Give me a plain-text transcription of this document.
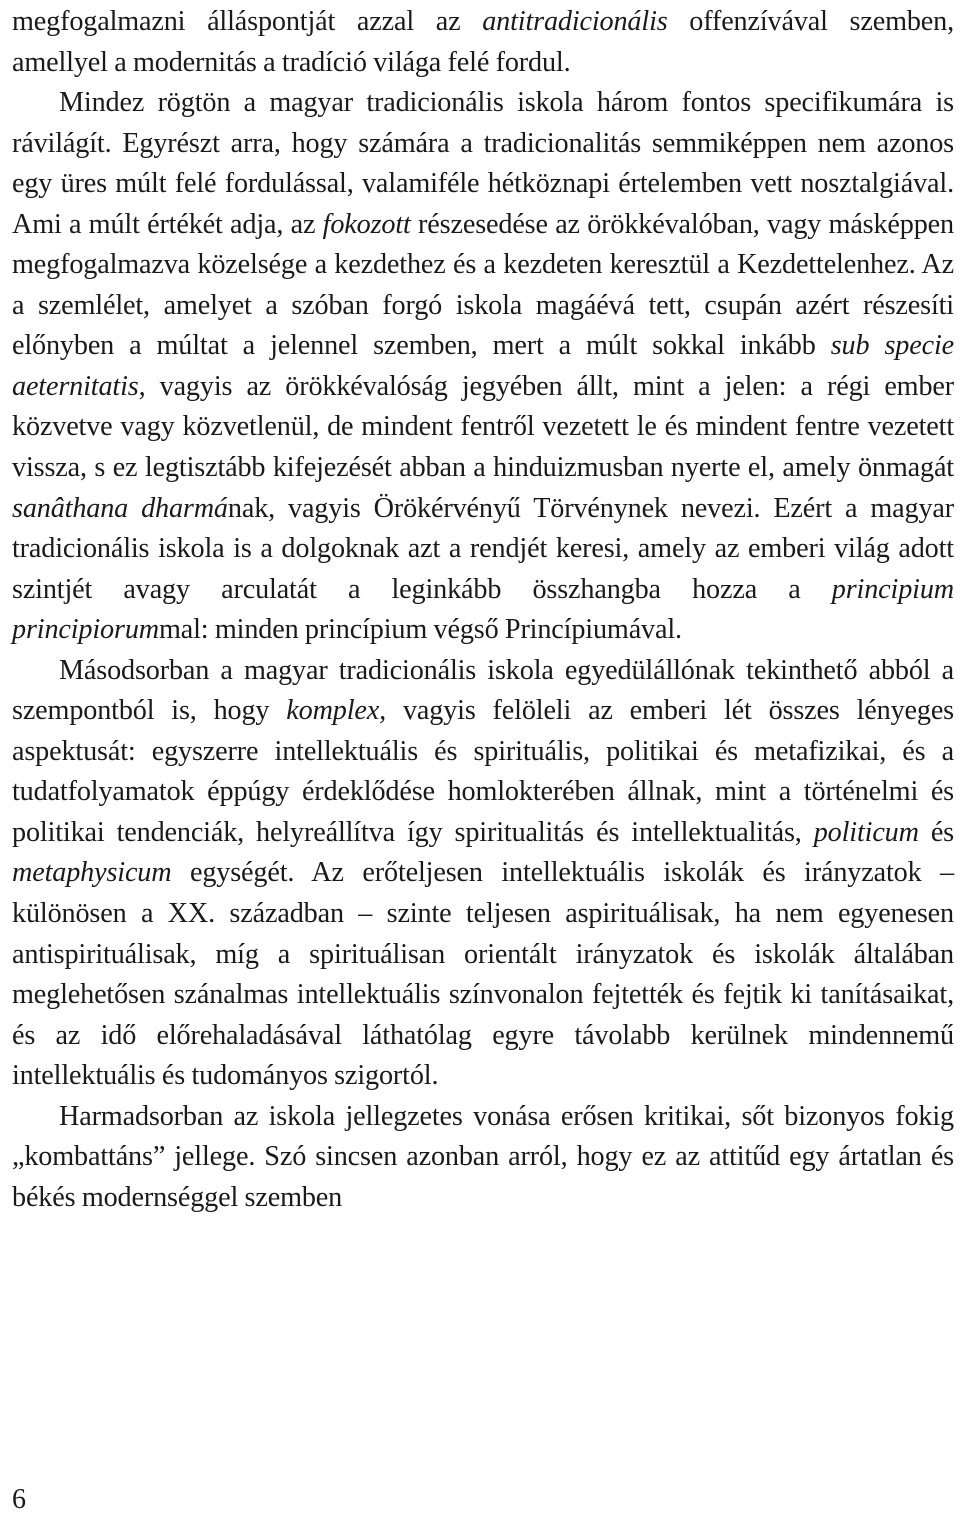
megfogalmazni álláspontját azzal az antitradicionális offenzívával szemben, amellyel a modernitás a tradíció világa felé fordul.

Mindez rögtön a magyar tradicionális iskola három fontos specifikumára is rávilágít. Egyrészt arra, hogy számára a tradicionalitás semmiképpen nem azonos egy üres múlt felé fordulással, valamiféle hétköznapi értelemben vett nosztalgiával. Ami a múlt értékét adja, az fokozott részesedése az örökkévalóban, vagy másképpen megfogalmazva közelsége a kezdethez és a kezdeten keresztül a Kezdettelenhez. Az a szemlélet, amelyet a szóban forgó iskola magáévá tett, csupán azért részesíti előnyben a múltat a jelennel szemben, mert a múlt sokkal inkább sub specie aeternitatis, vagyis az örökkévalóság jegyében állt, mint a jelen: a régi ember közvetve vagy közvetlenül, de mindent fentről vezetett le és mindent fentre vezetett vissza, s ez legtisztább kifejezését abban a hinduizmusban nyerte el, amely önmagát sanâthana dharmának, vagyis Örökérvényű Törvénynek nevezi. Ezért a magyar tradicionális iskola is a dolgoknak azt a rendjét keresi, amely az emberi világ adott szintjét avagy arculatát a leginkább összhangba hozza a principium principiorummal: minden princípium végső Princípiumával.

Másodsorban a magyar tradicionális iskola egyedülállónak tekinthető abból a szempontból is, hogy komplex, vagyis felöleli az emberi lét összes lényeges aspektusát: egyszerre intellektuális és spirituális, politikai és metafizikai, és a tudatfolyamatok éppúgy érdeklődése homlokterében állnak, mint a történelmi és politikai tendenciák, helyreállítva így spiritualitás és intellektualitás, politicum és metaphysicum egységét. Az erőteljesen intellektuális iskolák és irányzatok – különösen a XX. században – szinte teljesen aspirituálisak, ha nem egyenesen antispirituálisak, míg a spirituálisan orientált irányzatok és iskolák általában meglehetősen szánalmas intellektuális színvonalon fejtették és fejtik ki tanításaikat, és az idő előrehaladásával láthatólag egyre távolabb kerülnek mindennemű intellektuális és tudományos szigortól.

Harmadsorban az iskola jellegzetes vonása erősen kritikai, sőt bizonyos fokig „kombattáns” jellege. Szó sincsen azonban arról, hogy ez az attitűd egy ártatlan és békés modernséggel szemben

6
